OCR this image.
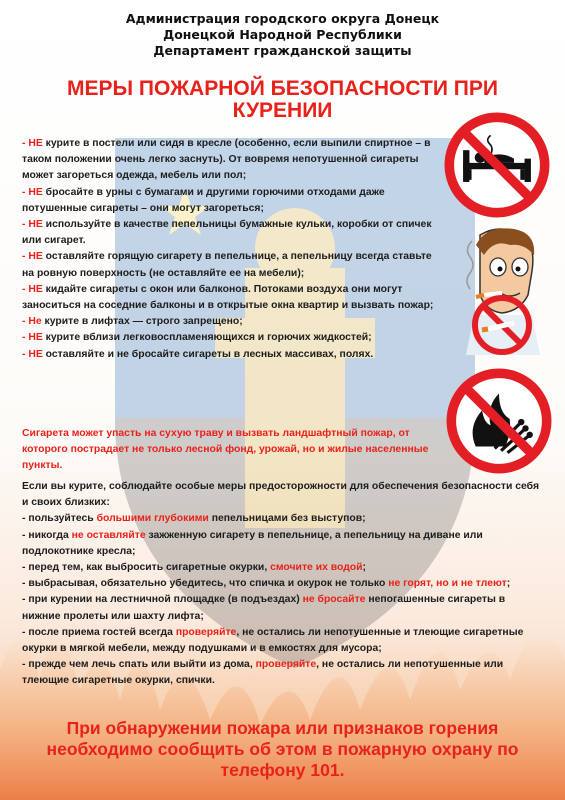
Администрация городского округа Донецк
Донецкой Народной Республики
Департамент гражданской защиты
МЕРЫ ПОЖАРНОЙ БЕЗОПАСНОСТИ ПРИ
КУРЕНИИ

- НЕ курите в постели или сидя в кресле (особенно, если выпили спиртное – в таком положении очень легко заснуть). От вовремя непотушенной сигареты может загореться одежда, мебель или пол;

- НЕ бросайте в урны с бумагами и другими горючими отходами даже потушенные сигареты – они могут загореться;

- НЕ используйте в качестве пепельницы бумажные кульки, коробки от спичек или сигарет.

- НЕ оставляйте горящую сигарету в пепельнице, а пепельницу всегда ставьте на ровную поверхность (не оставляйте ее на мебели);

- НЕ кидайте сигареты с окон или балконов. Потоками воздуха они могут заноситься на соседние балконы и в открытые окна квартир и вызвать пожар;

- Не курите в лифтах — строго запрещено;

- НЕ курите вблизи легковоспламеняющихся и горючих жидкостей;

- НЕ оставляйте и не бросайте сигареты в лесных массивах, полях.

Сигарета может упасть на сухую траву и вызвать ландшафтный пожар, от которого пострадает не только лесной фонд, урожай, но и жилые населенные пункты.

Если вы курите, соблюдайте особые меры предосторожности для обеспечения безопасности себя и своих близких:

- пользуйтесь большими глубокими пепельницами без выступов;

- никогда не оставляйте зажженную сигарету в пепельнице, а пепельницу на диване или подлокотнике кресла;

- перед тем, как выбросить сигаретные окурки, смочите их водой;

- выбрасывая, обязательно убедитесь, что спичка и окурок не только не горят, но и не тлеют;

- при курении на лестничной площадке (в подъездах) не бросайте непогашенные сигареты в нижние пролеты или шахту лифта;

- после приема гостей всегда проверяйте, не остались ли непотушенные и тлеющие сигаретные окурки в мягкой мебели, между подушками и в емкостях для мусора;

- прежде чем лечь спать или выйти из дома, проверяйте, не остались ли непотушенные или тлеющие сигаретные окурки, спички.

При обнаружении пожара или признаков горения необходимо сообщить об этом в пожарную охрану по телефону 101.
